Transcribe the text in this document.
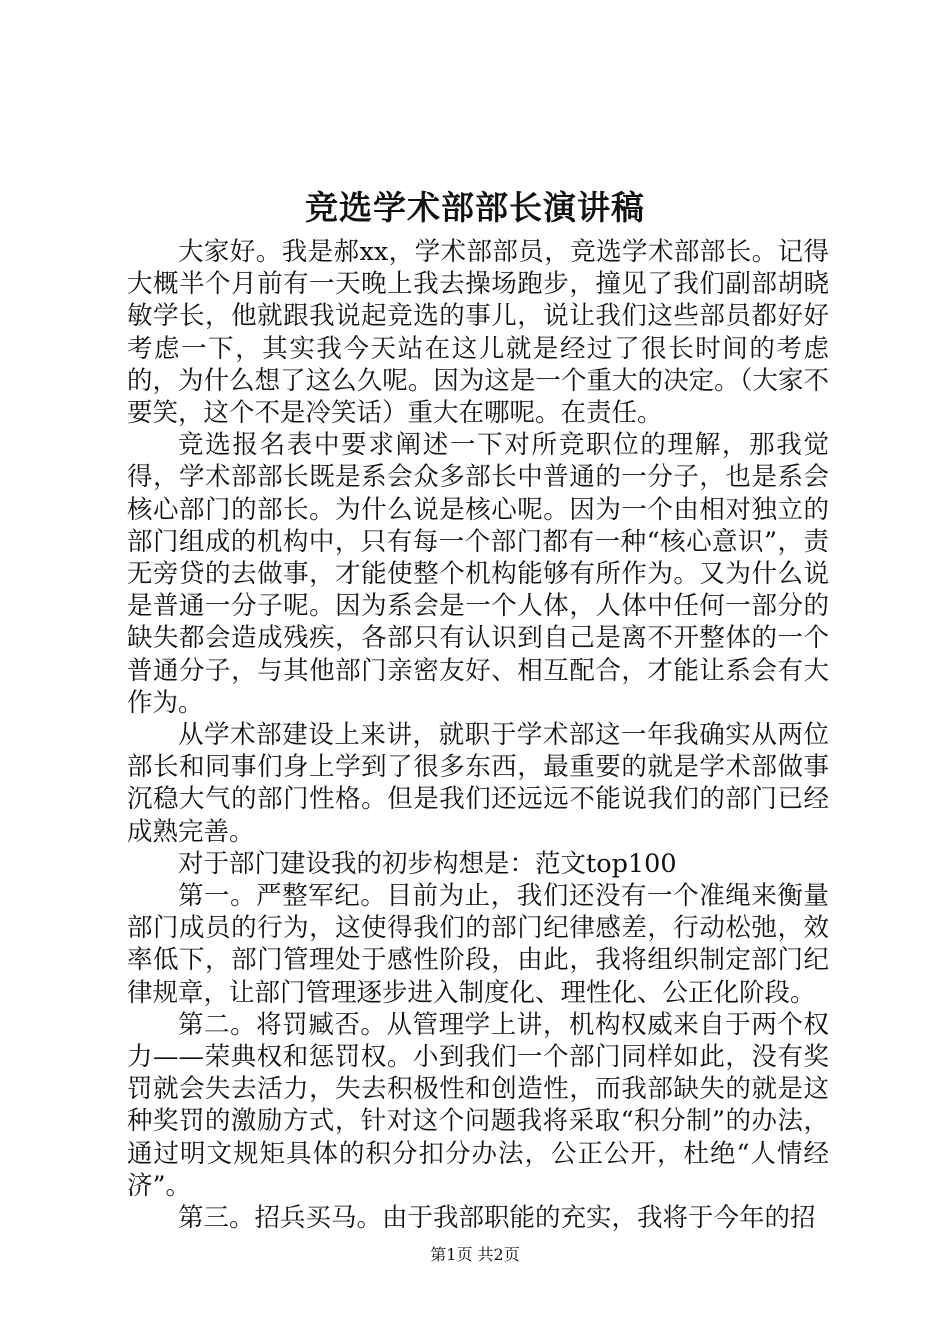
竞选学术部部长演讲稿

大家好。我是郝xx，学术部部员，竞选学术部部长。记得大概半个月前有一天晚上我去操场跑步，撞见了我们副部胡晓敏学长，他就跟我说起竞选的事儿，说让我们这些部员都好好考虑一下，其实我今天站在这儿就是经过了很长时间的考虑的，为什么想了这么久呢。因为这是一个重大的决定。（大家不要笑，这个不是冷笑话）重大在哪呢。在责任。

竞选报名表中要求阐述一下对所竞职位的理解，那我觉得，学术部部长既是系会众多部长中普通的一分子，也是系会核心部门的部长。为什么说是核心呢。因为一个由相对独立的部门组成的机构中，只有每一个部门都有一种“核心意识”，责无旁贷的去做事，才能使整个机构能够有所作为。又为什么说是普通一分子呢。因为系会是一个人体，人体中任何一部分的缺失都会造成残疾，各部只有认识到自己是离不开整体的一个普通分子，与其他部门亲密友好、相互配合，才能让系会有大作为。

从学术部建设上来讲，就职于学术部这一年我确实从两位部长和同事们身上学到了很多东西，最重要的就是学术部做事沉稳大气的部门性格。但是我们还远远不能说我们的部门已经成熟完善。

对于部门建设我的初步构想是：范文top100

第一。严整军纪。目前为止，我们还没有一个准绳来衡量部门成员的行为，这使得我们的部门纪律感差，行动松弛，效率低下，部门管理处于感性阶段，由此，我将组织制定部门纪律规章，让部门管理逐步进入制度化、理性化、公正化阶段。

第二。将罚臧否。从管理学上讲，机构权威来自于两个权力——荣典权和惩罚权。小到我们一个部门同样如此，没有奖罚就会失去活力，失去积极性和创造性，而我部缺失的就是这种奖罚的激励方式，针对这个问题我将采取“积分制”的办法，通过明文规矩具体的积分扣分办法，公正公开，杜绝“人情经济”。

第三。招兵买马。由于我部职能的充实，我将于今年的招

第1页 共2页
